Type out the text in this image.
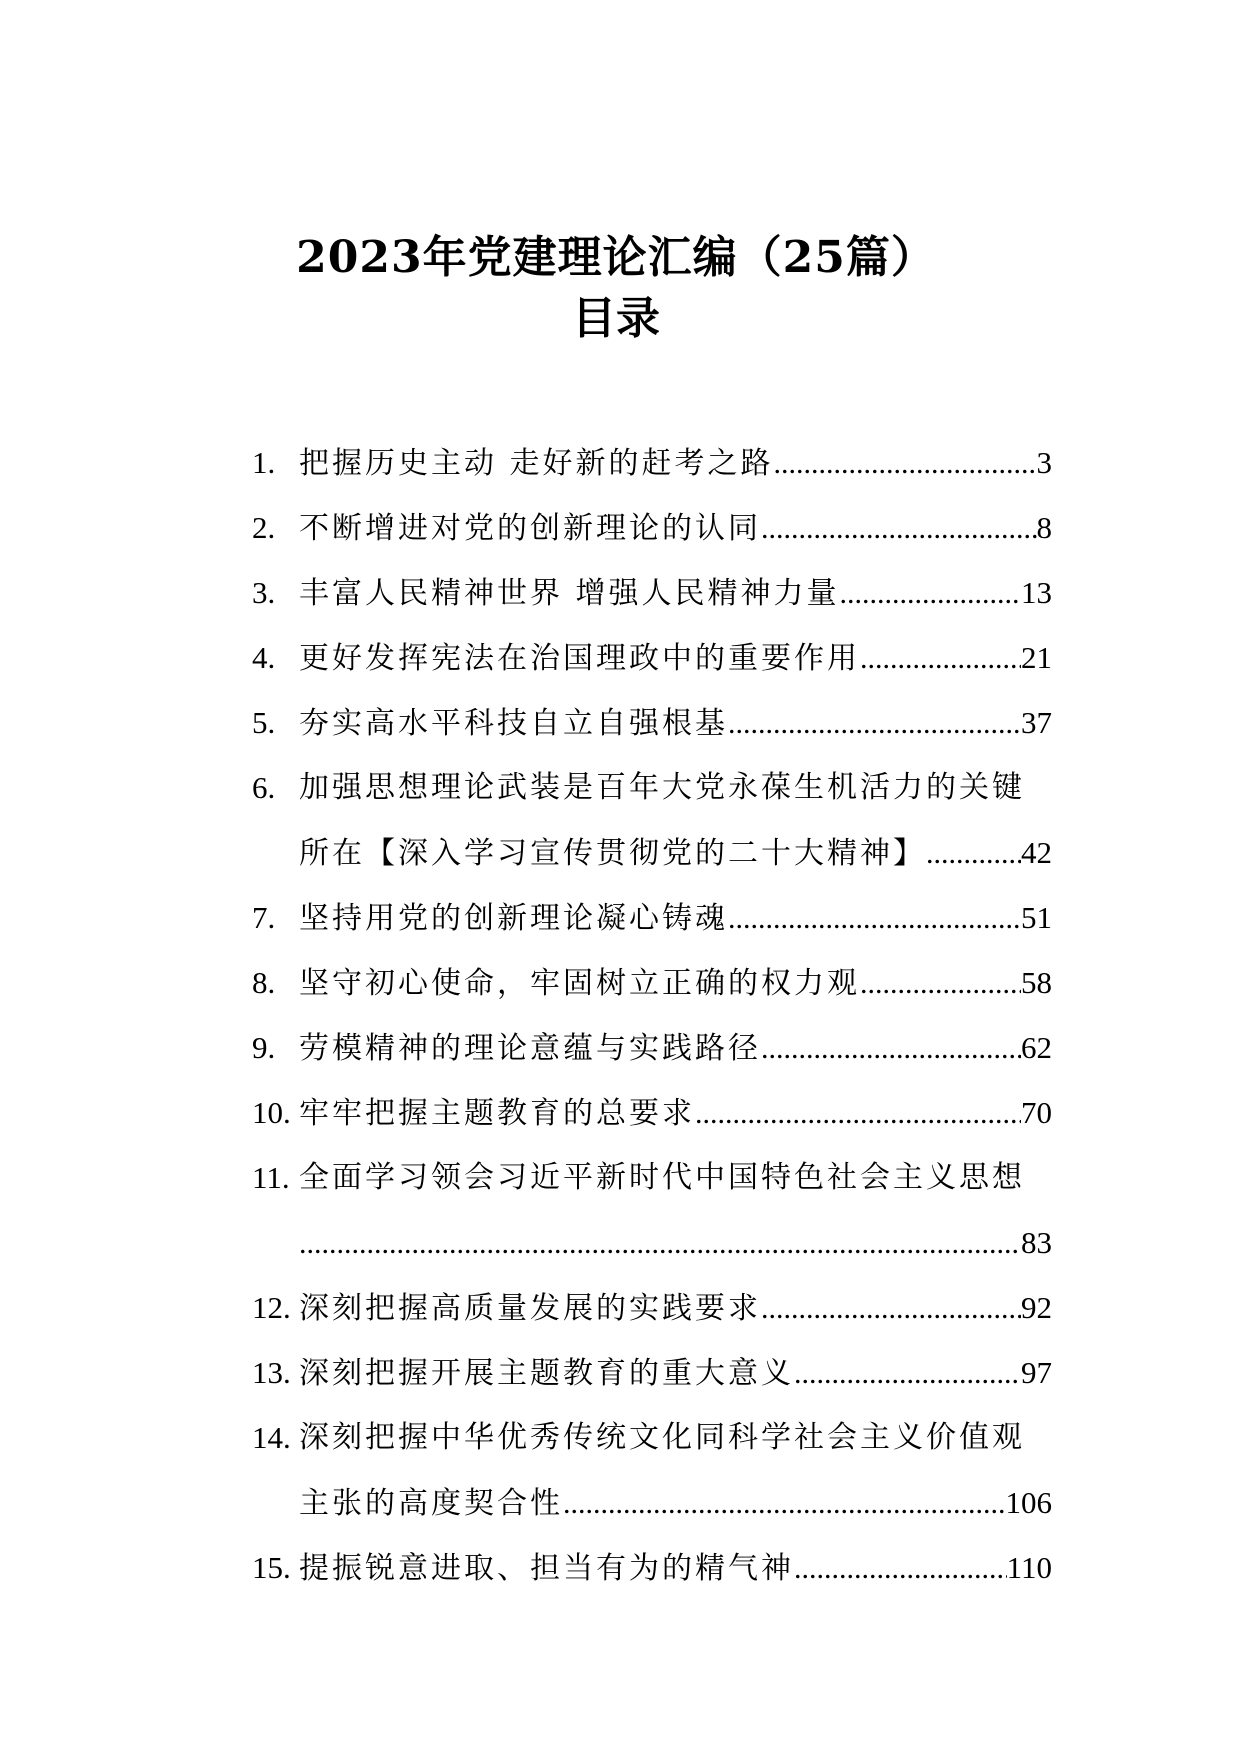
2023年党建理论汇编（25篇）
目录
1. 把握历史主动 走好新的赶考之路 .....	3
2. 不断增进对党的创新理论的认同 .....	8
3. 丰富人民精神世界 增强人民精神力量 .....	13
4. 更好发挥宪法在治国理政中的重要作用 .....	21
5. 夯实高水平科技自立自强根基 .....	37
6. 加强思想理论武装是百年大党永葆生机活力的关键
所在【深入学习宣传贯彻党的二十大精神】 .....	42
7. 坚持用党的创新理论凝心铸魂 .....	51
8. 坚守初心使命，牢固树立正确的权力观 .....	58
9. 劳模精神的理论意蕴与实践路径 .....	62
10. 牢牢把握主题教育的总要求 .....	70
11. 全面学习领会习近平新时代中国特色社会主义思想
.....
83
12. 深刻把握高质量发展的实践要求 .....	92
13. 深刻把握开展主题教育的重大意义 .....	97
14. 深刻把握中华优秀传统文化同科学社会主义价值观
主张的高度契合性 .....	106
15. 提振锐意进取、担当有为的精气神 .....	110
